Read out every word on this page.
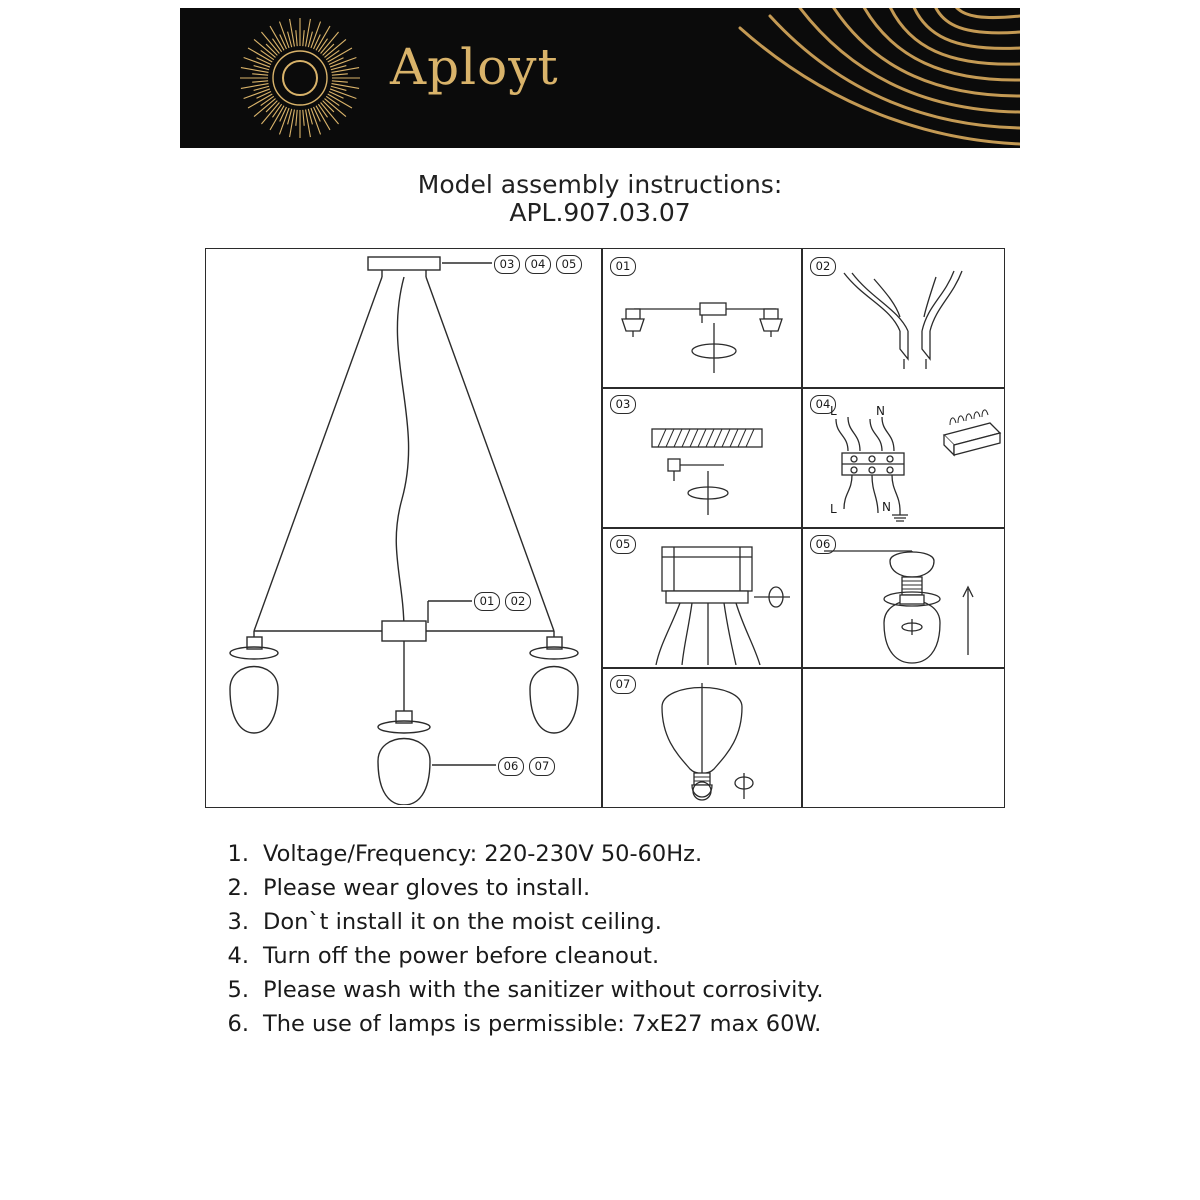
Aployt
Model assembly instructions:
APL.907.03.07
03	04	05
01	02
06	07
01	02
03	04 L	N
L	N
05	06
07
1. Voltage/Frequency: 220-230V 50-60Hz.
2. Please wear gloves to install.
3. Don`t install it on the moist ceiling.
4. Turn off the power before cleanout.
5. Please wash with the sanitizer without corrosivity.
6. The use of lamps is permissible: 7xE27 max 60W.
